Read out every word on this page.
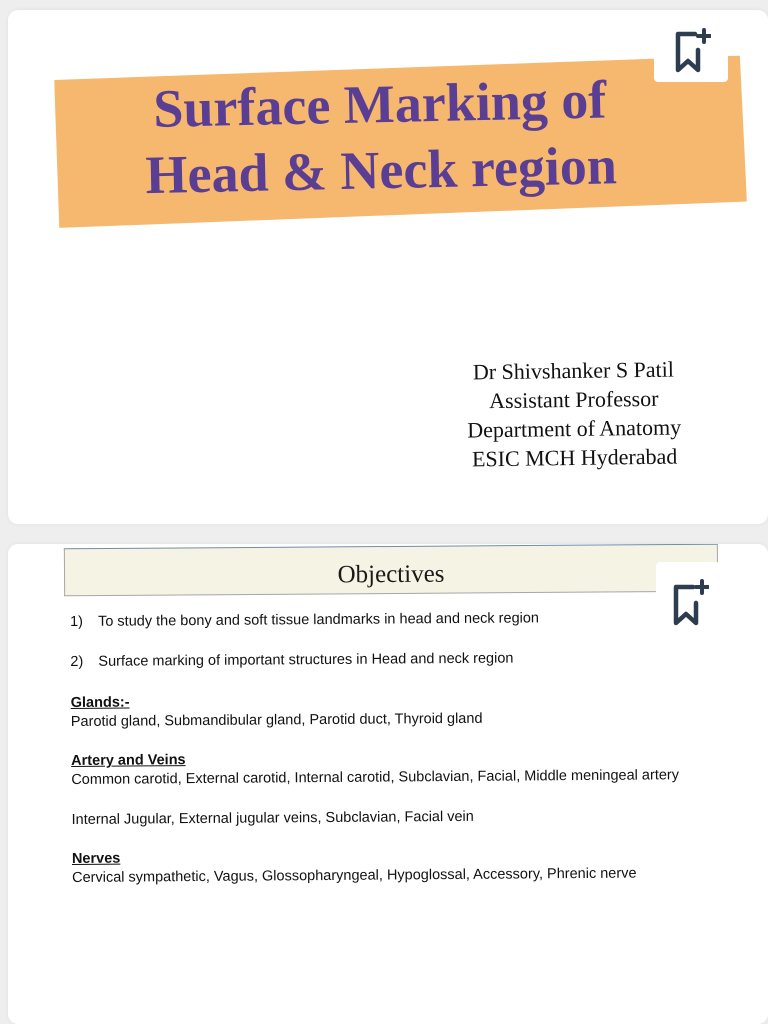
Surface Marking of
Head & Neck region
Dr Shivshanker S Patil
Assistant Professor
Department of Anatomy
ESIC MCH Hyderabad
Objectives
1) To study the bony and soft tissue landmarks in head and neck region
2) Surface marking of important structures in Head and neck region
Glands:-
Parotid gland, Submandibular gland, Parotid duct, Thyroid gland
Artery and Veins
Common carotid, External carotid, Internal carotid, Subclavian, Facial, Middle meningeal artery
Internal Jugular, External jugular veins, Subclavian, Facial vein
Nerves
Cervical sympathetic, Vagus, Glossopharyngeal, Hypoglossal, Accessory, Phrenic nerve
